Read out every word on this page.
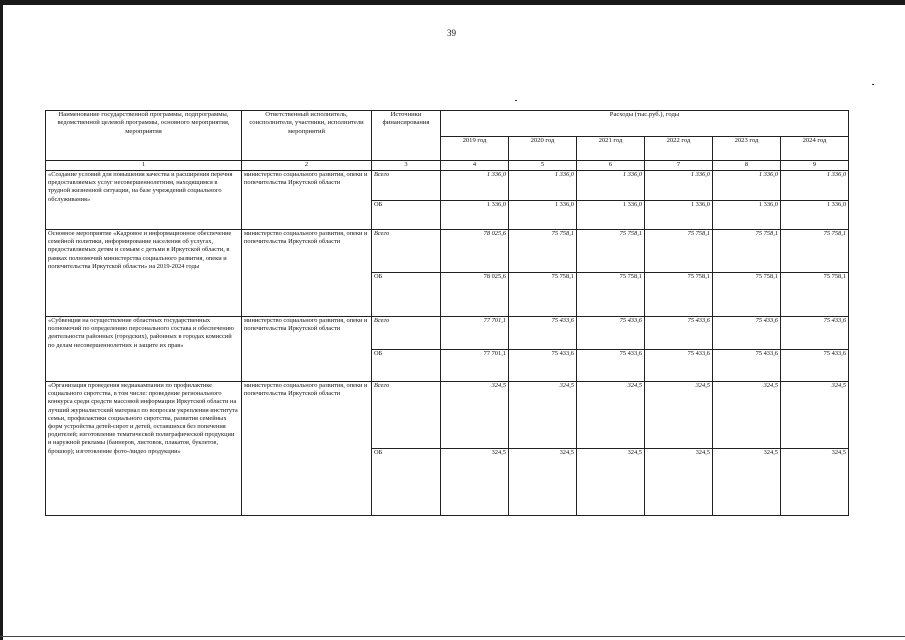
39
Наименование государственной программы, подпрограммы, ведомственной целевой программы, основного мероприятия, мероприятия	Ответственный исполнитель, соисполнители, участники, исполнители мероприятий	Источники финансирования	Расходы (тыс.руб.), годы					
			2019 год	2020 год	2021 год	2022 год	2023 год	2024 год
1	2	3	4	5	6	7	8	9
«Создание условий для повышения качества и расширения перечня предоставляемых услуг несовершеннолетним, находящимся в трудной жизненной ситуации, на базе учреждений социального обслуживания»	министерство социального развития, опеки и попечительства Иркутской области	Всего	1 336,0	1 336,0	1 336,0	1 336,0	1 336,0	1 336,0
		ОБ	1 336,0	1 336,0	1 336,0	1 336,0	1 336,0	1 336,0
Основное мероприятие «Кадровое и информационное обеспечение семейной политики, информирование населения об услугах, предоставляемых детям и семьям с детьми в Иркутской области, в рамках полномочий министерства социального развития, опеки и попечительства Иркутской области» на 2019-2024 годы	министерство социального развития, опеки и попечительства Иркутской области	Всего	78 025,6	75 758,1	75 758,1	75 758,1	75 758,1	75 758,1
		ОБ	78 025,6	75 758,1	75 758,1	75 758,1	75 758,1	75 758,1
«Субвенция на осуществление областных государственных полномочий по определению персонального состава и обеспечению деятельности районных (городских), районных в городах комиссий по делам несовершеннолетних и защите их прав»	министерство социального развития, опеки и попечительства Иркутской области	Всего	77 701,1	75 433,6	75 433,6	75 433,6	75 433,6	75 433,6
		ОБ	77 701,1	75 433,6	75 433,6	75 433,6	75 433,6	75 433,6
«Организация проведения медиакампании по профилактике социального сиротства, в том числе: проведение регионального конкурса среди средств массовой информации Иркутской области на лучший журналистский материал по вопросам укрепления института семьи, профилактики социального сиротства, развития семейных форм устройства детей-сирот и детей, оставшихся без попечения родителей; изготовление тематической полиграфической продукции и наружной рекламы (баннеров, листовок, плакатов, буклетов, брошюр); изготовление фото-/видео продукции»	министерство социального развития, опеки и попечительства Иркутской области	Всего	324,5	324,5	324,5	324,5	324,5	324,5
		ОБ	324,5	324,5	324,5	324,5	324,5	324,5
